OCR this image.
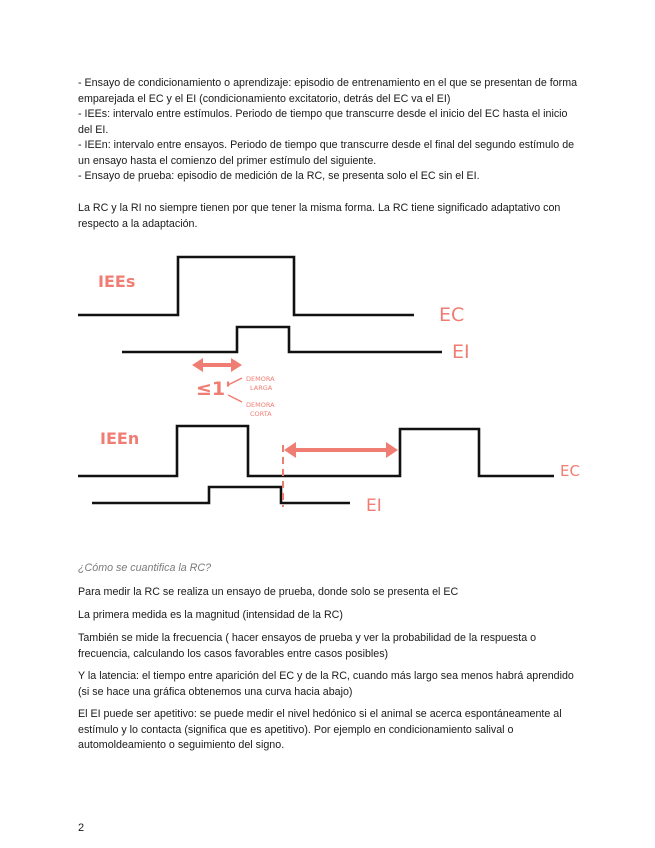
- Ensayo de condicionamiento o aprendizaje: episodio de entrenamiento en el que se presentan de forma emparejada el EC y el EI (condicionamiento excitatorio, detrás del EC va el EI)
- IEEs: intervalo entre estímulos. Periodo de tiempo que transcurre desde el inicio del EC hasta el inicio del EI.
- IEEn: intervalo entre ensayos. Periodo de tiempo que transcurre desde el final del segundo estímulo de un ensayo hasta el comienzo del primer estímulo del siguiente.
- Ensayo de prueba: episodio de medición de la RC, se presenta solo el EC sin el EI.

La RC y la RI no siempre tienen por que tener la misma forma. La RC tiene significado adaptativo con respecto a la adaptación.

IEEs
EC
EI
≤1' DEMORA
LARGA
DEMORA
CORTA
IEEn
EC
EI

¿Cómo se cuantifica la RC?

Para medir la RC se realiza un ensayo de prueba, donde solo se presenta el EC

La primera medida es la magnitud (intensidad de la RC)

También se mide la frecuencia ( hacer ensayos de prueba y ver la probabilidad de la respuesta o frecuencia, calculando los casos favorables entre casos posibles)

Y la latencia: el tiempo entre aparición del EC y de la RC, cuando más largo sea menos habrá aprendido (si se hace una gráfica obtenemos una curva hacia abajo)

El EI puede ser apetitivo: se puede medir el nivel hedónico si el animal se acerca espontáneamente al estímulo y lo contacta (significa que es apetitivo). Por ejemplo en condicionamiento salival o automoldeamiento o seguimiento del signo.

2
